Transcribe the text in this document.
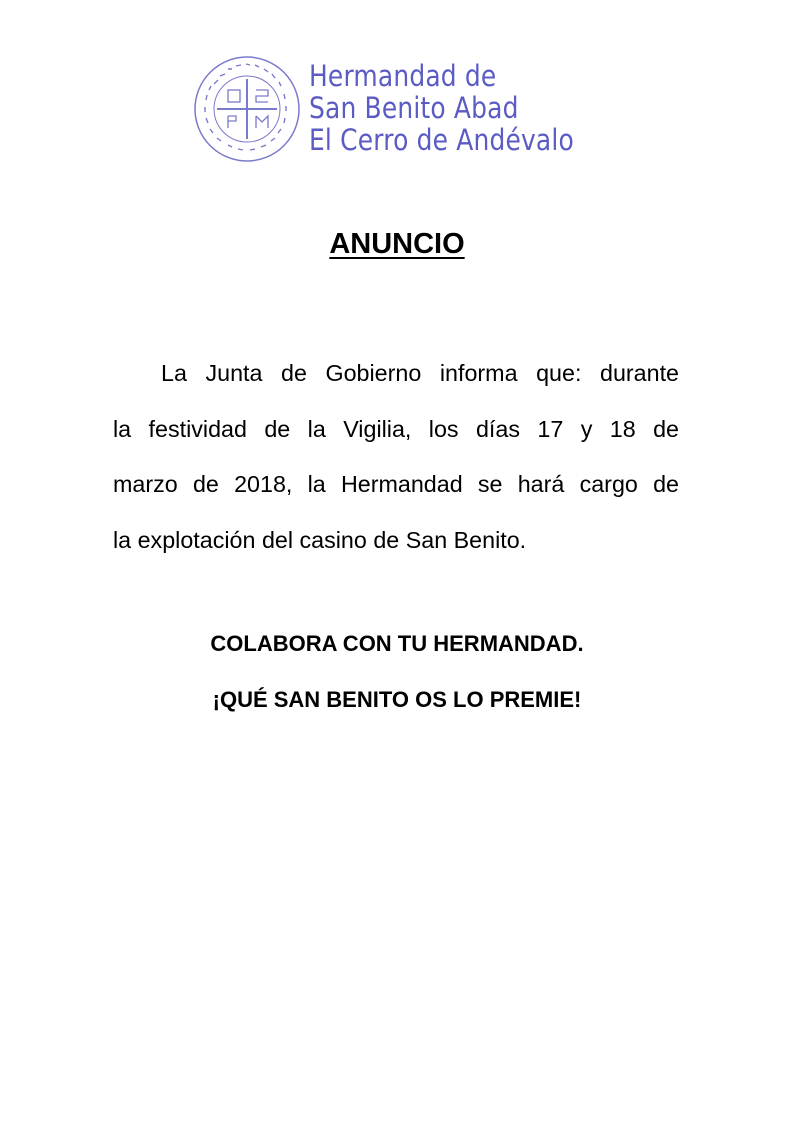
Hermandad de
San Benito Abad
El Cerro de Andévalo
ANUNCIO
La Junta de Gobierno informa que: durante
la festividad de la Vigilia, los días 17 y 18 de
marzo de 2018, la Hermandad se hará cargo de
la explotación del casino de San Benito.
COLABORA CON TU HERMANDAD.
¡QUÉ SAN BENITO OS LO PREMIE!
